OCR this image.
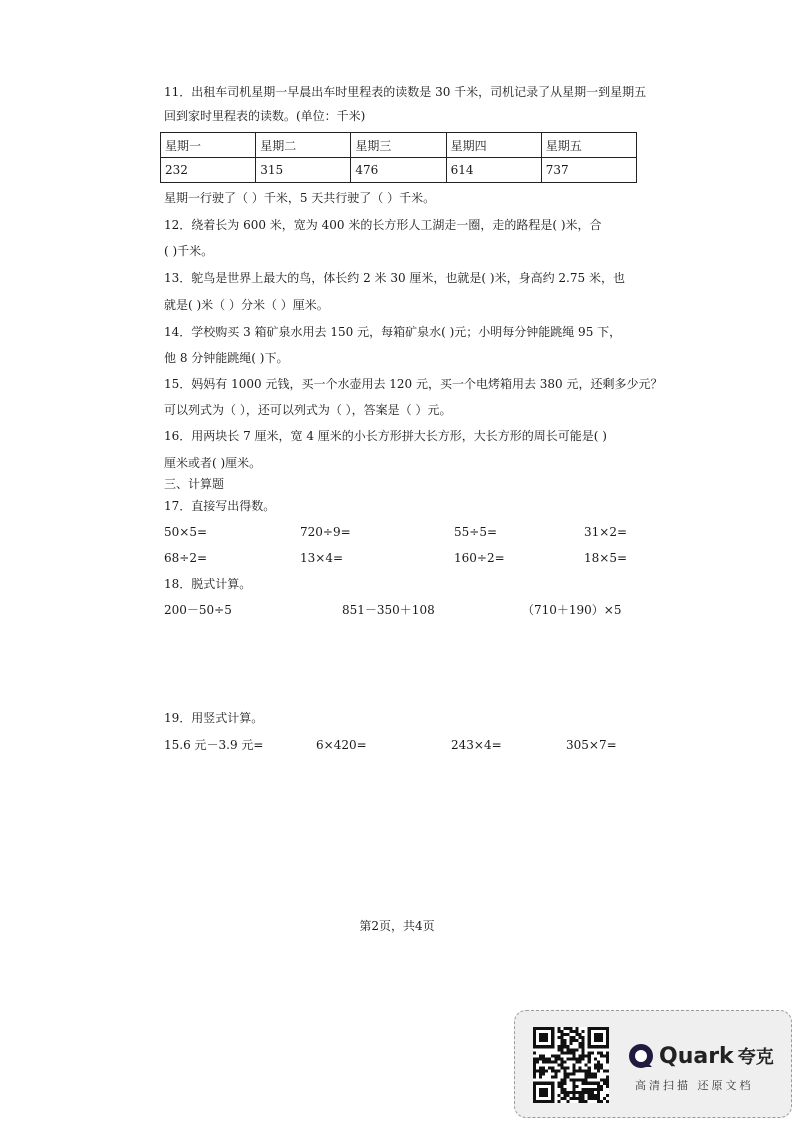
11．出租车司机星期一早晨出车时里程表的读数是 30 千米，司机记录了从星期一到星期五
回到家时里程表的读数。(单位：千米)
星期一	星期二	星期三	星期四	星期五
232	315	476	614	737
星期一行驶了（ ）千米，5 天共行驶了（ ）千米。
12．绕着长为 600 米，宽为 400 米的长方形人工湖走一圈，走的路程是( )米，合
( )千米。
13．鸵鸟是世界上最大的鸟，体长约 2 米 30 厘米，也就是( )米，身高约 2.75 米，也
就是( )米（ ）分米（ ）厘米。
14．学校购买 3 箱矿泉水用去 150 元，每箱矿泉水( )元；小明每分钟能跳绳 95 下，
他 8 分钟能跳绳( )下。
15．妈妈有 1000 元钱，买一个水壶用去 120 元，买一个电烤箱用去 380 元，还剩多少元？
可以列式为（ ），还可以列式为（ ），答案是（ ）元。
16．用两块长 7 厘米，宽 4 厘米的小长方形拼大长方形，大长方形的周长可能是( )
厘米或者( )厘米。
三、计算题
17．直接写出得数。
50×5=	720÷9=	55÷5=	31×2=
68÷2=	13×4=	160÷2=	18×5=
18．脱式计算。
200－50÷5	851－350＋108	（710＋190）×5
19．用竖式计算。
15.6 元－3.9 元=	6×420=	243×4=	305×7=
第2页，共4页
Quark 夸克
高清扫描 还原文档
